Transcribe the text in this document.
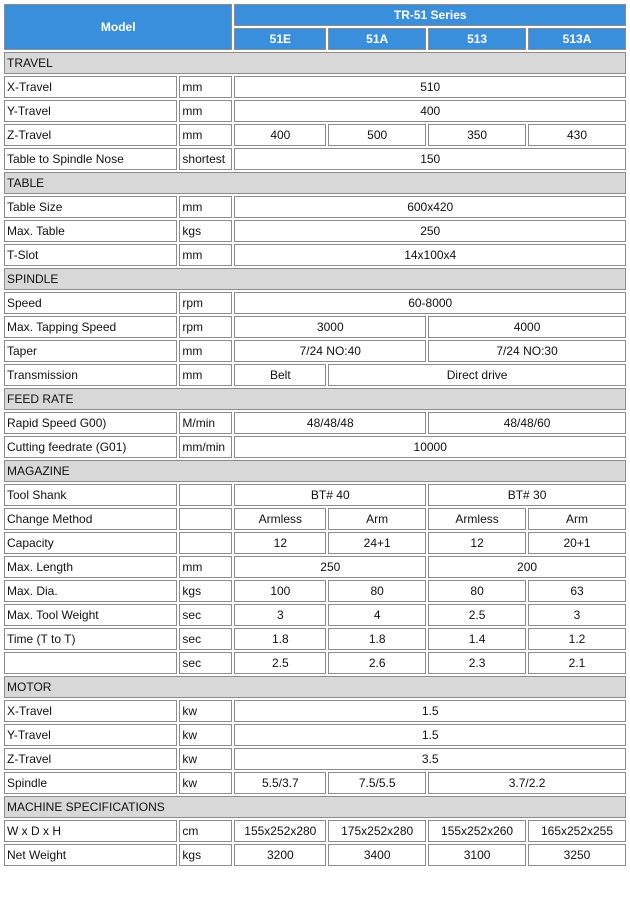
Model		TR-51 Series			
		51E	51A	513	513A
TRAVEL					
X-Travel	mm	510			
Y-Travel	mm	400			
Z-Travel	mm	400	500	350	430
Table to Spindle Nose	shortest	150			
TABLE					
Table Size	mm	600x420			
Max. Table	kgs	250			
T-Slot	mm	14x100x4			
SPINDLE					
Speed	rpm	60-8000			
Max. Tapping Speed	rpm	3000		4000	
Taper	mm	7/24 NO:40		7/24 NO:30	
Transmission	mm	Belt	Direct drive		
FEED RATE					
Rapid Speed G00)	M/min	48/48/48		48/48/60	
Cutting feedrate (G01)	mm/min	10000			
MAGAZINE					
Tool Shank		BT# 40		BT# 30	
Change Method		Armless	Arm	Armless	Arm
Capacity		12	24+1	12	20+1
Max. Length	mm	250		200	
Max. Dia.	kgs	100	80	80	63
Max. Tool Weight	sec	3	4	2.5	3
Time (T to T)	sec	1.8	1.8	1.4	1.2
	sec	2.5	2.6	2.3	2.1
MOTOR					
X-Travel	kw	1.5			
Y-Travel	kw	1.5			
Z-Travel	kw	3.5			
Spindle	kw	5.5/3.7	7.5/5.5	3.7/2.2	
MACHINE SPECIFICATIONS					
W x D x H	cm	155x252x280	175x252x280	155x252x260	165x252x255
Net Weight	kgs	3200	3400	3100	3250
